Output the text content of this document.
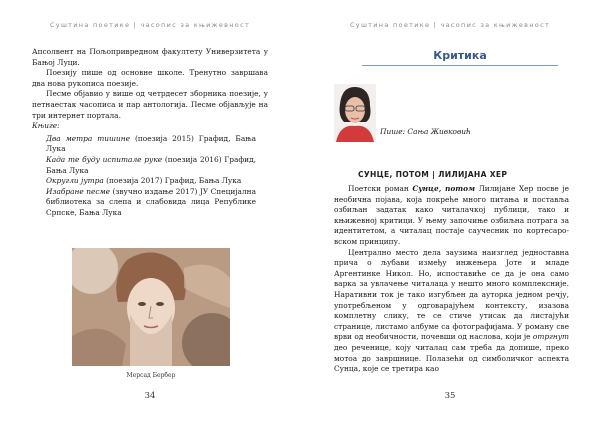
Суштина поетике | часопис за књижевност

Апсолвент на Пољопривредном факултету Универзитета у Бањој Луци.

Поезију пише од основне школе. Тренутно завршава два нова рукописа поезије.

Песме објавио у више од четрдесет зборника поезије, у петнаестак часописа и пар антологија. Песме објављује на три интернет портала.

Књиге:

Два метра тишине (поезија 2015) Графид, Бања Лука

Када те буду испитале руке (поезија 2016) Графид, Бања Лука

Округли јутра (поезија 2017) Графид, Бања Лука

Изабране песме (звучно издање 2017) ЈУ Специјална библиотека за слепа и слабовида лица Републике Српске, Бања Лука

Мерсад Бербер
34
Суштина поетике | часопис за књижевност
Критика
Пише: Сања Живковић
СУНЦЕ, ПОТОМ | ЛИЛИЈАНА ХЕР

Поетски роман Сунце, потом Лилијане Хер посве је необична појава, која покреће много питања и поставља озбиљан задатак како читалачкој публици, тако и књижевној критици. У њему започиње озбиљна потрага за идентитетом, а читалац постаје саучесник по кортесаро-вском принципу.

Централно место дела заузима наизглед једноставна прича о љубави између инжењера Јоте и младе Аргентинке Никол. Но, испоставиће се да је она само варка за увлачење читалаца у нешто много комплексније. Наративни ток је тако изгубљен да ауторка једном речју, употребљеном у одговарајућем контексту, изазова комплетну слику, те се стиче утисак да листајући странице, листамо албуме са фотографијама. У роману све врви од необичности, почевши од наслова, који је отргнут део реченице, коју читалац сам треба да допише, преко мотоа до завршнице. Полазећи од симболичког аспекта Сунца, које се третира као

35
